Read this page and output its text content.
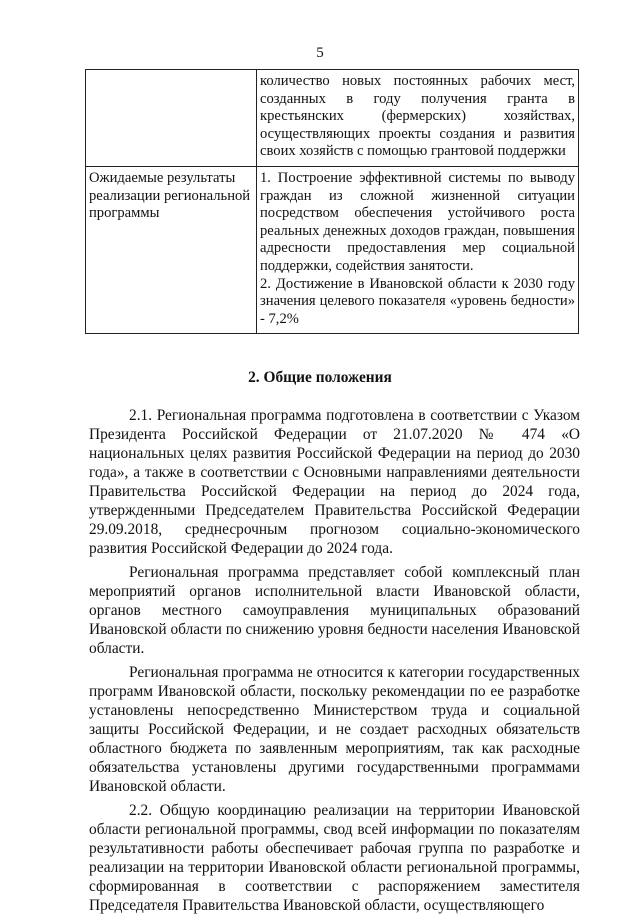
5

	количество новых постоянных рабочих мест, созданных в году получения гранта в крестьянских (фермерских) хозяйствах, осуществляющих проекты создания и развития своих хозяйств с помощью грантовой поддержки

Ожидаемые результаты реализации региональной программы	1. Построение эффективной системы по выводу граждан из сложной жизненной ситуации посредством обеспечения устойчивого роста реальных денежных доходов граждан, повышения адресности предоставления мер социальной поддержки, содействия занятости.
2. Достижение в Ивановской области к 2030 году значения целевого показателя «уровень бедности» - 7,2%
2. Общие положения

2.1. Региональная программа подготовлена в соответствии с Указом Президента Российской Федерации от 21.07.2020 № 474 «О национальных целях развития Российской Федерации на период до 2030 года», а также в соответствии с Основными направлениями деятельности Правительства Российской Федерации на период до 2024 года, утвержденными Председателем Правительства Российской Федерации 29.09.2018, среднесрочным прогнозом социально-экономического развития Российской Федерации до 2024 года.

Региональная программа представляет собой комплексный план мероприятий органов исполнительной власти Ивановской области, органов местного самоуправления муниципальных образований Ивановской области по снижению уровня бедности населения Ивановской области.

Региональная программа не относится к категории государственных программ Ивановской области, поскольку рекомендации по ее разработке установлены непосредственно Министерством труда и социальной защиты Российской Федерации, и не создает расходных обязательств областного бюджета по заявленным мероприятиям, так как расходные обязательства установлены другими государственными программами Ивановской области.

2.2. Общую координацию реализации на территории Ивановской области региональной программы, свод всей информации по показателям результативности работы обеспечивает рабочая группа по разработке и реализации на территории Ивановской области региональной программы, сформированная в соответствии с распоряжением заместителя Председателя Правительства Ивановской области, осуществляющего
